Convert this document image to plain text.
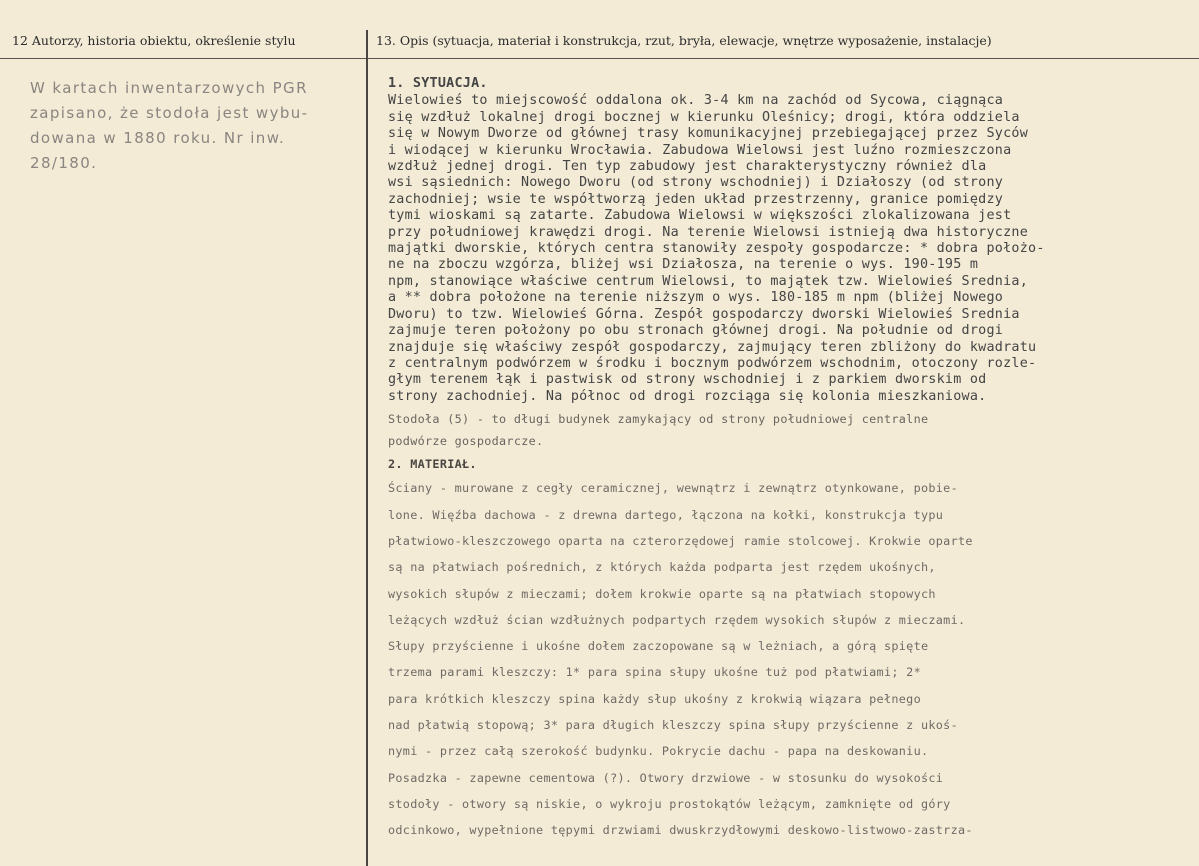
12 Autorzy, historia obiektu, określenie stylu	13. Opis (sytuacja, materiał i konstrukcja, rzut, bryła, elewacje, wnętrze wyposażenie, instalacje)
W kartach inwentarzowych PGR
zapisano, że stodoła jest wybu-
dowana w 1880 roku. Nr inw.
28/180.
1. SYTUACJA.
Wielowieś to miejscowość oddalona ok. 3-4 km na zachód od Sycowa, ciągnąca
się wzdłuż lokalnej drogi bocznej w kierunku Oleśnicy; drogi, która oddziela
się w Nowym Dworze od głównej trasy komunikacyjnej przebiegającej przez Syców
i wiodącej w kierunku Wrocławia. Zabudowa Wielowsi jest luźno rozmieszczona
wzdłuż jednej drogi. Ten typ zabudowy jest charakterystyczny również dla
wsi sąsiednich: Nowego Dworu (od strony wschodniej) i Działoszy (od strony
zachodniej; wsie te współtworzą jeden układ przestrzenny, granice pomiędzy
tymi wioskami są zatarte. Zabudowa Wielowsi w większości zlokalizowana jest
przy południowej krawędzi drogi. Na terenie Wielowsi istnieją dwa historyczne
majątki dworskie, których centra stanowiły zespoły gospodarcze: * dobra położo-
ne na zboczu wzgórza, bliżej wsi Działosza, na terenie o wys. 190-195 m
npm, stanowiące właściwe centrum Wielowsi, to majątek tzw. Wielowieś Średnia,
a ** dobra położone na terenie niższym o wys. 180-185 m npm (bliżej Nowego
Dworu) to tzw. Wielowieś Górna. Zespół gospodarczy dworski Wielowieś Średnia
zajmuje teren położony po obu stronach głównej drogi. Na południe od drogi
znajduje się właściwy zespół gospodarczy, zajmujący teren zbliżony do kwadratu
z centralnym podwórzem w środku i bocznym podwórzem wschodnim, otoczony rozle-
głym terenem łąk i pastwisk od strony wschodniej i z parkiem dworskim od
strony zachodniej. Na północ od drogi rozciąga się kolonia mieszkaniowa.
Stodoła (5) - to długi budynek zamykający od strony południowej centralne
podwórze gospodarcze.
2. MATERIAŁ.
Ściany - murowane z cegły ceramicznej, wewnątrz i zewnątrz otynkowane, pobie-
lone. Więźba dachowa - z drewna dartego, łączona na kołki, konstrukcja typu
płatwiowo-kleszczowego oparta na czterorzędowej ramie stolcowej. Krokwie oparte
są na płatwiach pośrednich, z których każda podparta jest rzędem ukośnych,
wysokich słupów z mieczami; dołem krokwie oparte są na płatwiach stopowych
leżących wzdłuż ścian wzdłużnych podpartych rzędem wysokich słupów z mieczami.
Słupy przyścienne i ukośne dołem zaczopowane są w leżniach, a górą spięte
trzema parami kleszczy: 1* para spina słupy ukośne tuż pod płatwiami; 2*
para krótkich kleszczy spina każdy słup ukośny z krokwią wiązara pełnego
nad płatwią stopową; 3* para długich kleszczy spina słupy przyścienne z ukoś-
nymi - przez całą szerokość budynku. Pokrycie dachu - papa na deskowaniu.
Posadzka - zapewne cementowa (?). Otwory drzwiowe - w stosunku do wysokości
stodoły - otwory są niskie, o wykroju prostokątów leżącym, zamknięte od góry
odcinkowo, wypełnione tępymi drzwiami dwuskrzydłowymi deskowo-listwowo-zastrza-
